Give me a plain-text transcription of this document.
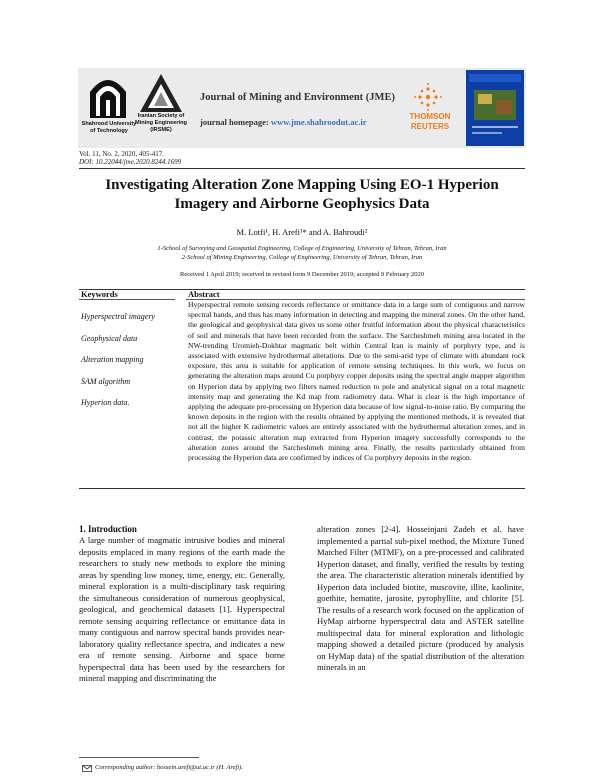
Shahrood University of Technology
Iranian Society of Mining Engineering (IRSME)
Journal of Mining and Environment (JME)
journal homepage: www.jme.shahroodut.ac.ir
THOMSON
REUTERS
Vol. 11, No. 2, 2020, 405-417.
DOI: 10.22044/jme.2020.8244.1699
Investigating Alteration Zone Mapping Using EO-1 Hyperion Imagery and Airborne Geophysics Data
M. Lotfi¹, H. Arefi¹* and A. Bahroudi²
1-School of Surveying and Geospatial Engineering, College of Engineering, University of Tehran, Tehran, Iran
2-School of Mining Engineering, College of Engineering, University of Tehran, Tehran, Iran
Received 1 April 2019; received in revised form 9 December 2019; accepted 9 February 2020
Keywords	Abstract
Hyperspectral imagery
Geophysical data
Alteration mapping
SAM algorithm
Hyperion data.
Hyperspectral remote sensing records reflectance or emittance data in a large sum of contiguous and narrow spectral bands, and thus has many information in detecting and mapping the mineral zones. On the other hand, the geological and geophysical data gives us some other fruitful information about the physical characteristics of soil and minerals that have been recorded from the surface. The Sarcheshmeh mining area located in the NW-trending Uromieh-Dokhtar magmatic belt within Central Iran is mainly of porphyry type, and is associated with extensive hydrothermal alterations. Due to the semi-arid type of climate with abundant rock exposure, this area is suitable for application of remote sensing techniques. In this work, we focus on generating the alteration maps around Cu porphyry copper deposits using the spectral angle mapper algorithm on Hyperion data by applying two filters named reduction to pole and analytical signal on a total magnetic intensity map and generating the Kd map from radiometry data. What is clear is the high importance of applying the adequate pre-processing on Hyperion data because of low signal-to-noise ratio. By comparing the known deposits in the region with the results obtained by applying the mentioned methods, it is revealed that not all the higher K radiometric values are entirely associated with the hydrothermal alteration zones, and in contrast, the potassic alteration map extracted from Hyperion imagery successfully corresponds to the alteration zones around the Sarcheshmeh mining area. Finally, the results particularly obtained from processing the Hyperion data are confirmed by indices of Cu porphyry deposits in the region.
1. Introduction
A large number of magmatic intrusive bodies and mineral deposits emplaced in many regions of the earth made the researchers to study new methods to explore the mining areas by spending low money, time, energy, etc. Generally, mineral exploration is a multi-disciplinary task requiring the simultaneous consideration of numerous geophysical, geological, and geochemical datasets [1]. Hyperspectral remote sensing acquiring reflectance or emittance data in many contiguous and narrow spectral bands provides near-laboratory quality reflectance spectra, and indicates a new era of remote sensing. Airborne and space borne hyperspectral data has been used by the researchers for mineral mapping and discriminating the
alteration zones [2-4]. Hosseinjani Zadeh et al. have implemented a partial sub-pixel method, the Mixture Tuned Matched Filter (MTMF), on a pre-processed and calibrated Hyperion dataset, and finally, verified the results by testing the area. The characteristic alteration minerals identified by Hyperion data included biotite, muscovite, illite, kaolinite, goethite, hematite, jarosite, pyrophyllite, and chlorite [5]. The results of a research work focused on the application of HyMap airborne hyperspectral data and ASTER satellite multispectral data for mineral exploration and lithologic mapping showed a detailed picture (produced by analysis on HyMap data) of the spatial distribution of the alteration minerals in an
Corresponding author: hossein.arefi@ut.ac.ir (H. Arefi).
